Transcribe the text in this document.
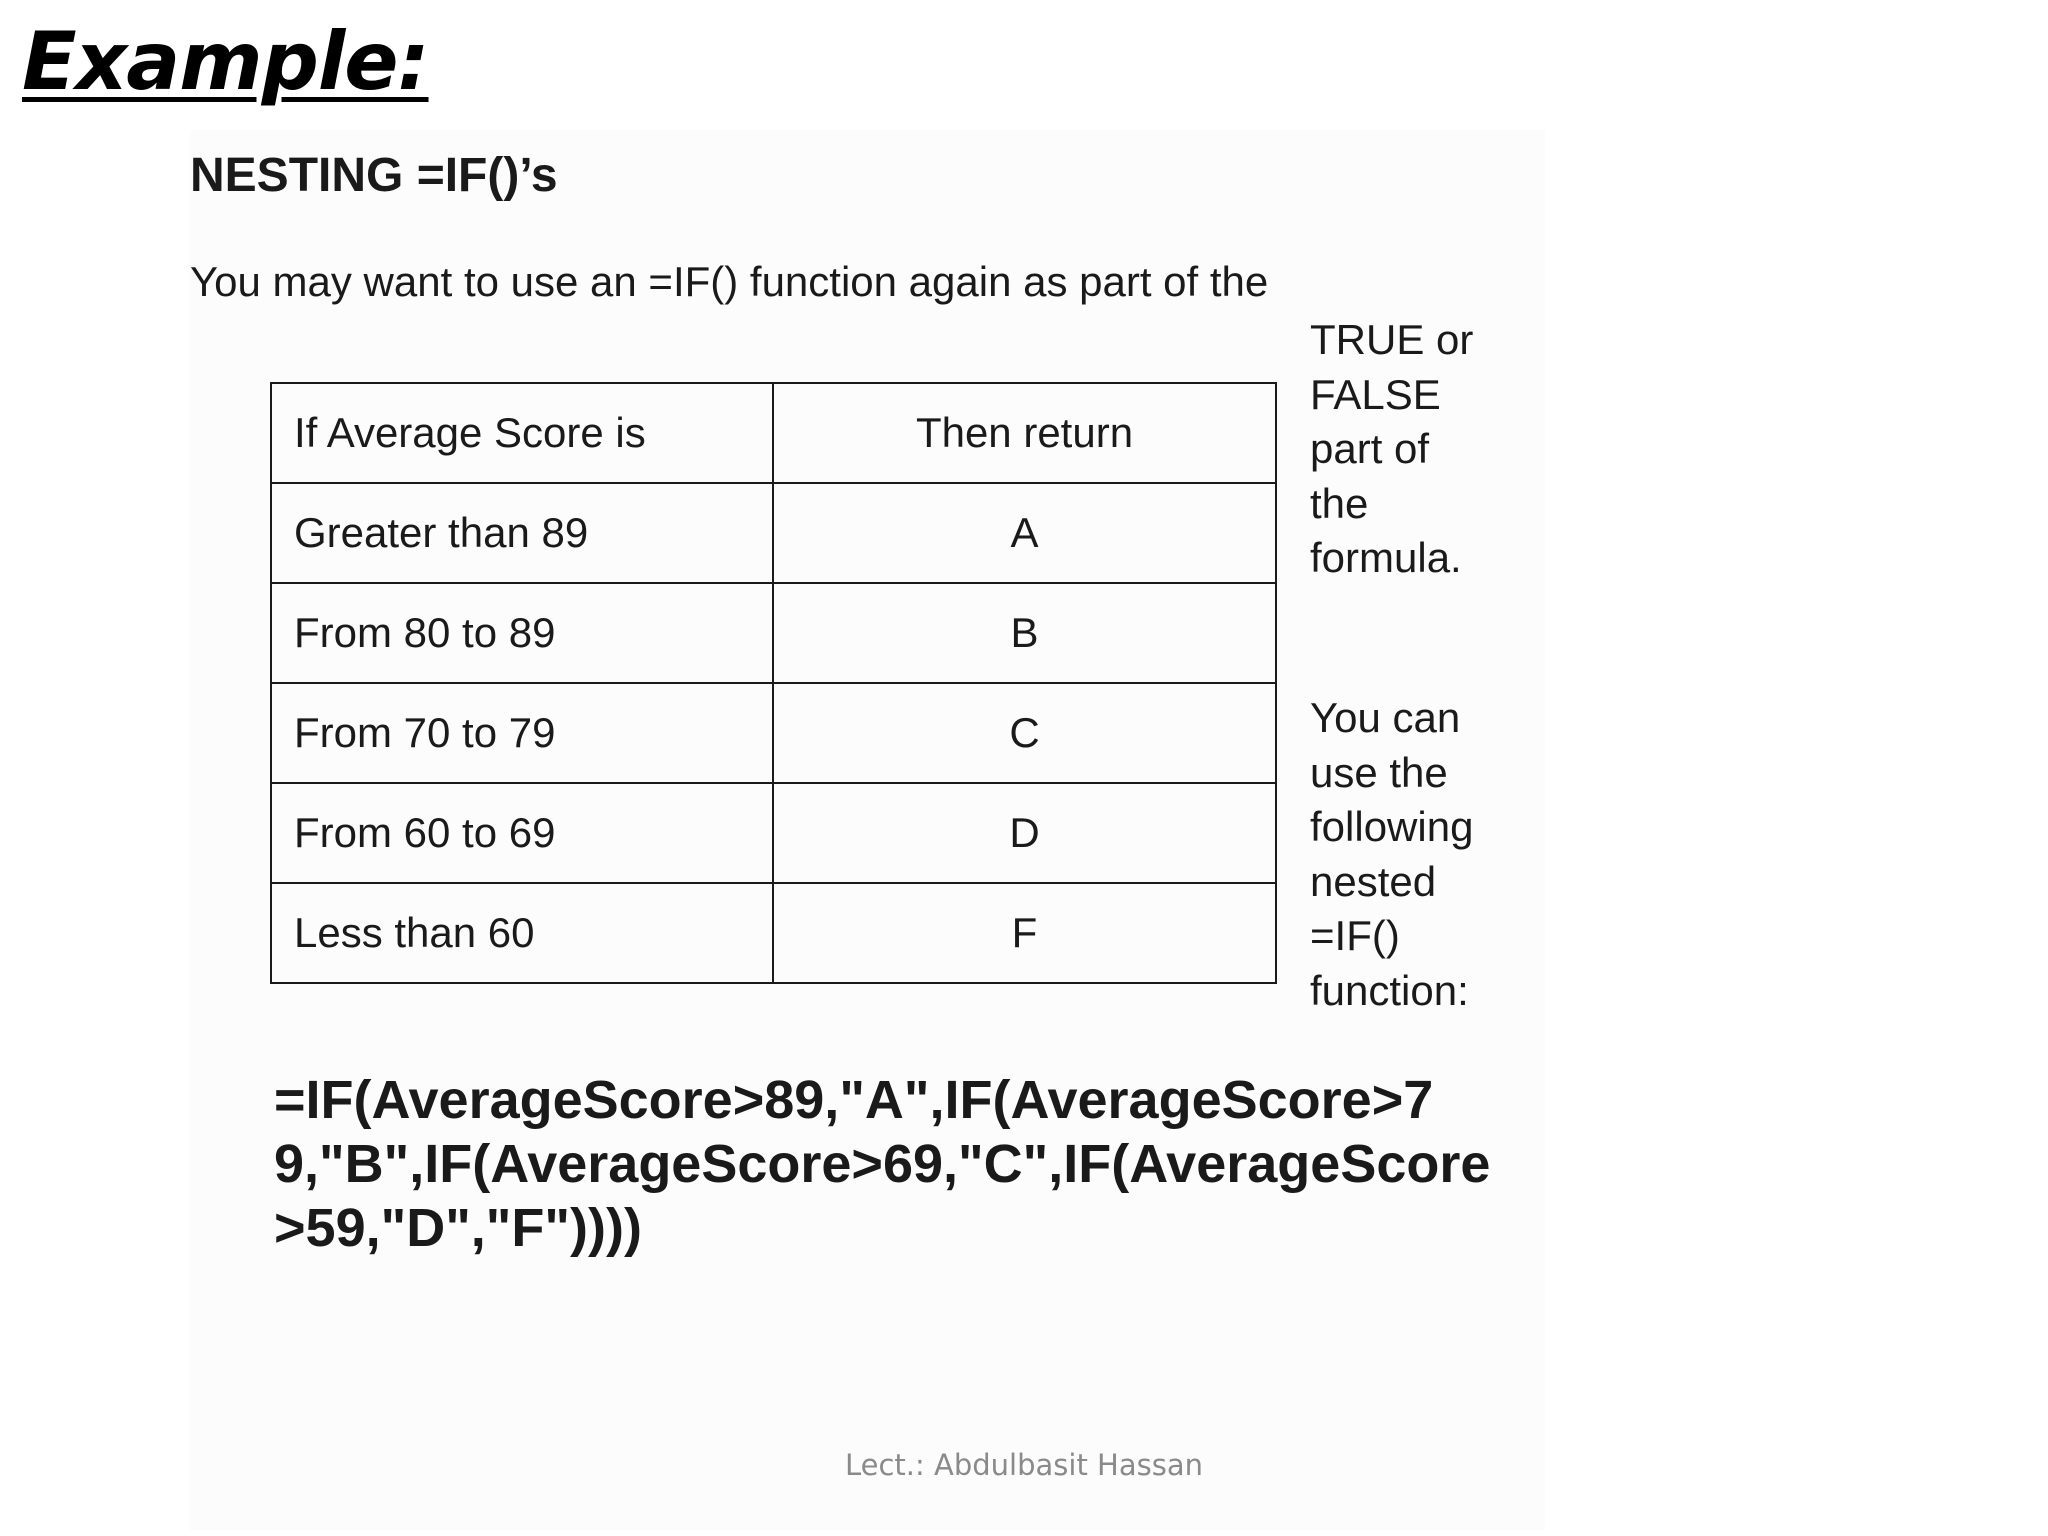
Example:
NESTING =IF()’s

You may want to use an =IF() function again as part of the

TRUE or
FALSE
part of
the
formula.

If Average Score is	Then return
Greater than 89	A
From 80 to 89	B
From 70 to 79	C
From 60 to 69	D
Less than 60	F

You can
use the
following
nested
=IF()
function:

=IF(AverageScore>89,"A",IF(AverageScore>79,"B",IF(AverageScore>69,"C",IF(AverageScore>59,"D","F"))))

Lect.: Abdulbasit Hassan
